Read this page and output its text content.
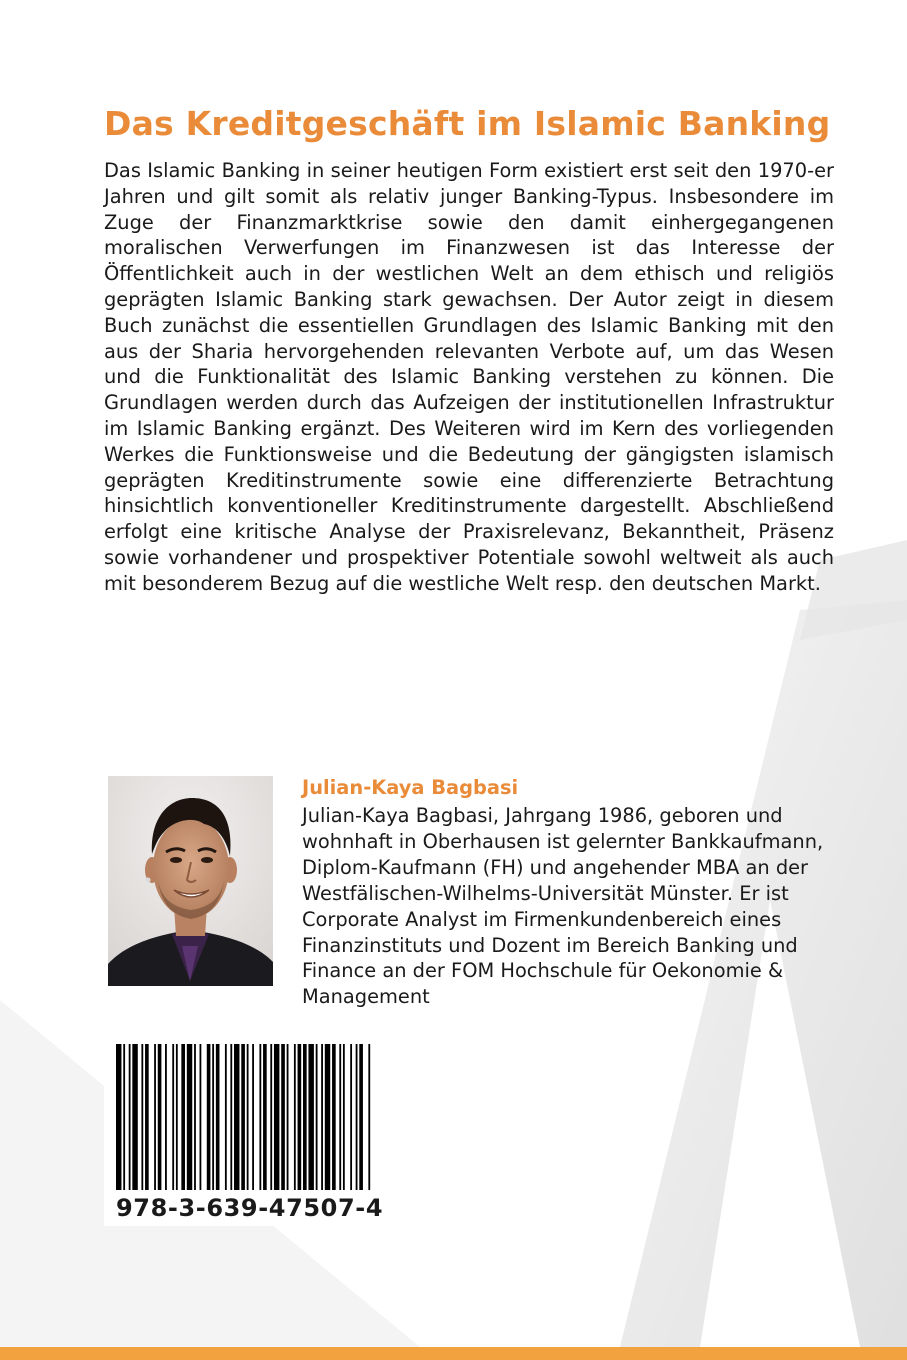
Das Kreditgeschäft im Islamic Banking

Das Islamic Banking in seiner heutigen Form existiert erst seit den 1970-er Jahren und gilt somit als relativ junger Banking-Typus. Insbesondere im Zuge der Finanzmarktkrise sowie den damit einhergegangenen moralischen Verwerfungen im Finanzwesen ist das Interesse der Öffentlichkeit auch in der westlichen Welt an dem ethisch und religiös geprägten Islamic Banking stark gewachsen. Der Autor zeigt in diesem Buch zunächst die essentiellen Grundlagen des Islamic Banking mit den aus der Sharia hervorgehenden relevanten Verbote auf, um das Wesen und die Funktionalität des Islamic Banking verstehen zu können. Die Grundlagen werden durch das Aufzeigen der institutionellen Infrastruktur im Islamic Banking ergänzt. Des Weiteren wird im Kern des vorliegenden Werkes die Funktionsweise und die Bedeutung der gängigsten islamisch geprägten Kreditinstrumente sowie eine differenzierte Betrachtung hinsichtlich konventioneller Kreditinstrumente dargestellt. Abschließend erfolgt eine kritische Analyse der Praxisrelevanz, Bekanntheit, Präsenz sowie vorhandener und prospektiver Potentiale sowohl weltweit als auch mit besonderem Bezug auf die westliche Welt resp. den deutschen Markt.

Julian-Kaya Bagbasi

Julian-Kaya Bagbasi, Jahrgang 1986, geboren und wohnhaft in Oberhausen ist gelernter Bankkaufmann, Diplom-Kaufmann (FH) und angehender MBA an der Westfälischen-Wilhelms-Universität Münster. Er ist Corporate Analyst im Firmenkundenbereich eines Finanzinstituts und Dozent im Bereich Banking und Finance an der FOM Hochschule für Oekonomie & Management

978-3-639-47507-4
